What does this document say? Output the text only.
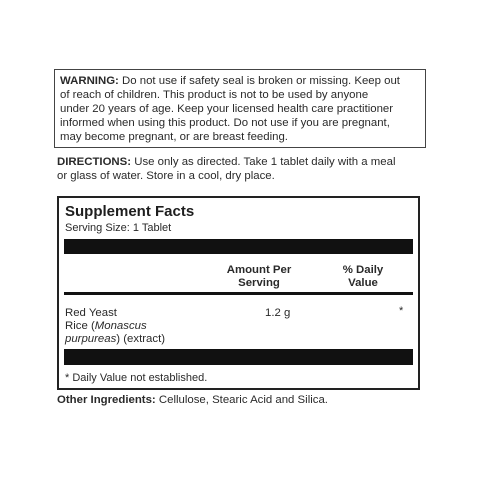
WARNING: Do not use if safety seal is broken or missing. Keep out
of reach of children. This product is not to be used by anyone
under 20 years of age. Keep your licensed health care practitioner
informed when using this product. Do not use if you are pregnant,
may become pregnant, or are breast feeding.
DIRECTIONS: Use only as directed. Take 1 tablet daily with a meal
or glass of water. Store in a cool, dry place.
Supplement Facts
Serving Size: 1 Tablet
Amount Per
Serving
% Daily
Value
Red Yeast
Rice (Monascus
purpureas) (extract)
1.2 g	*
* Daily Value not established.
Other Ingredients: Cellulose, Stearic Acid and Silica.
